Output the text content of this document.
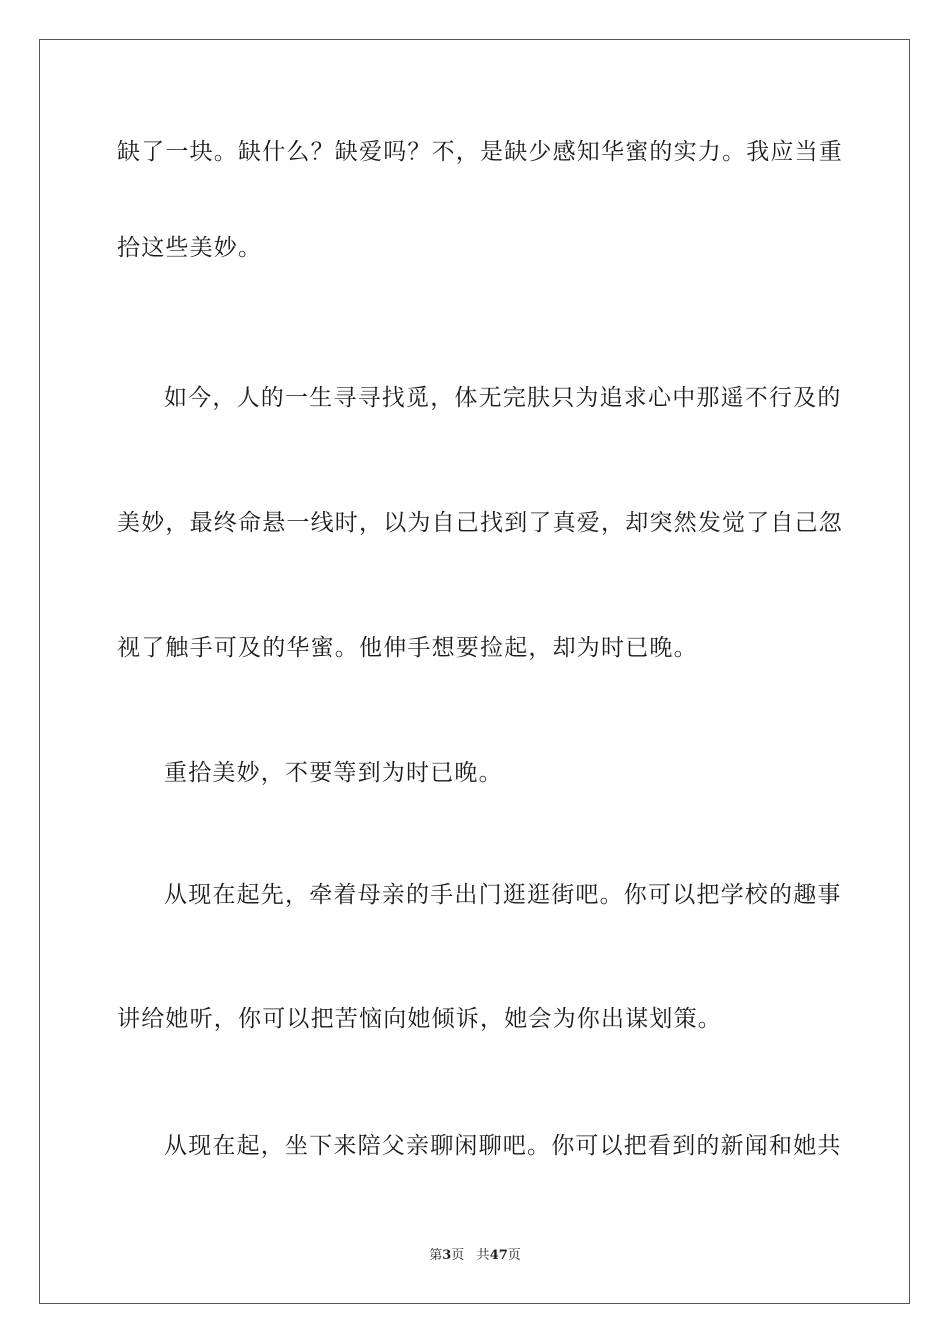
缺了一块。缺什么？缺爱吗？不，是缺少感知华蜜的实力。我应当重
拾这些美妙。
如今，人的一生寻寻找觅，体无完肤只为追求心中那遥不行及的
美妙，最终命悬一线时，以为自己找到了真爱，却突然发觉了自己忽
视了触手可及的华蜜。他伸手想要捡起，却为时已晚。
重拾美妙，不要等到为时已晚。
从现在起先，牵着母亲的手出门逛逛街吧。你可以把学校的趣事
讲给她听，你可以把苦恼向她倾诉，她会为你出谋划策。
从现在起，坐下来陪父亲聊闲聊吧。你可以把看到的新闻和她共
第3页 共47页
